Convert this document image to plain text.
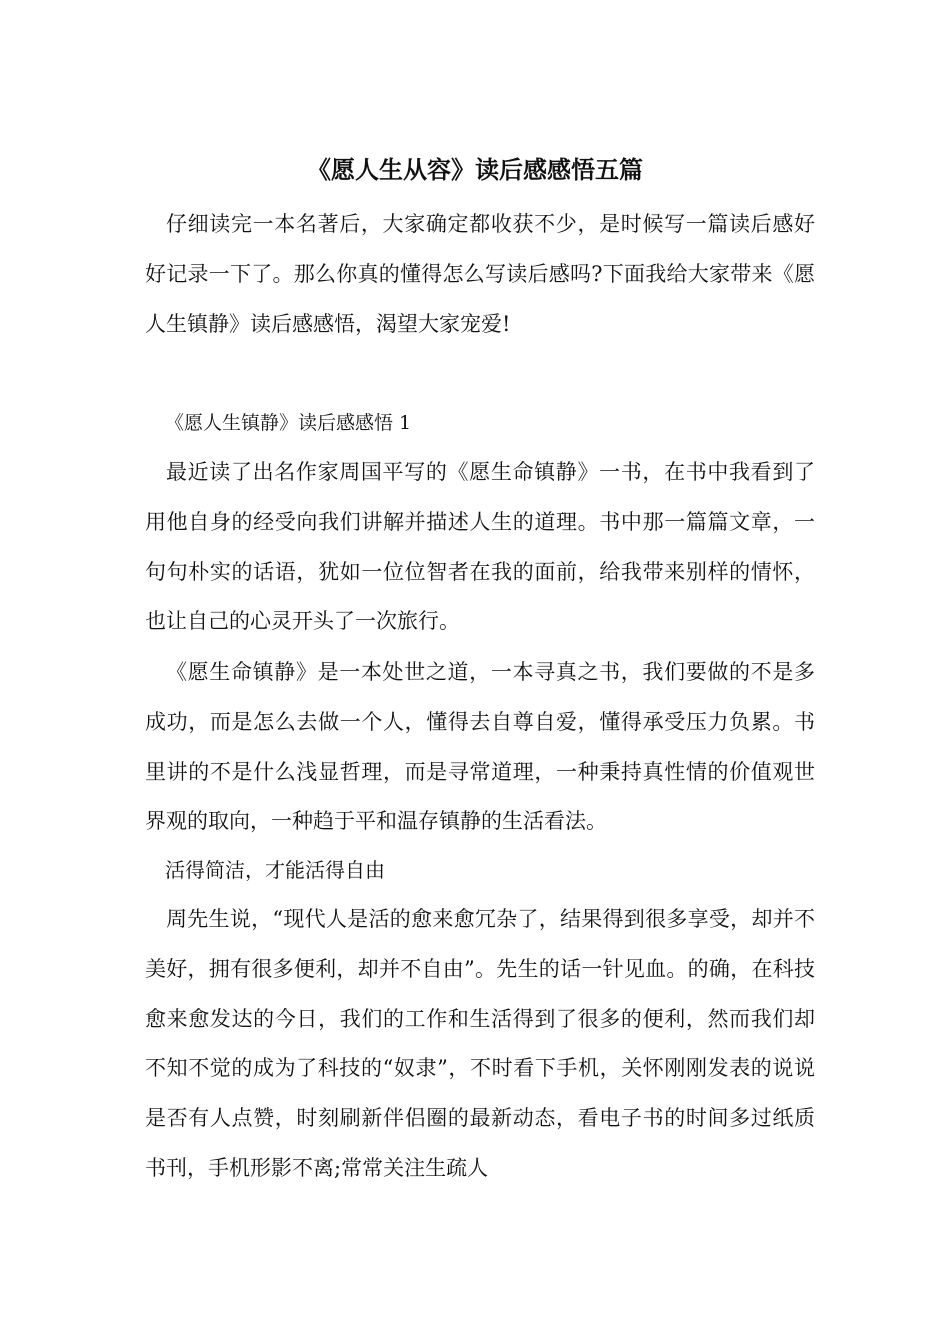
《愿人生从容》读后感感悟五篇

仔细读完一本名著后，大家确定都收获不少，是时候写一篇读后感好好记录一下了。那么你真的懂得怎么写读后感吗?下面我给大家带来《愿人生镇静》读后感感悟，渴望大家宠爱!

《愿人生镇静》读后感感悟 1

最近读了出名作家周国平写的《愿生命镇静》一书，在书中我看到了用他自身的经受向我们讲解并描述人生的道理。书中那一篇篇文章，一句句朴实的话语，犹如一位位智者在我的面前，给我带来别样的情怀，也让自己的心灵开头了一次旅行。

《愿生命镇静》是一本处世之道，一本寻真之书，我们要做的不是多成功，而是怎么去做一个人，懂得去自尊自爱，懂得承受压力负累。书里讲的不是什么浅显哲理，而是寻常道理，一种秉持真性情的价值观世界观的取向，一种趋于平和温存镇静的生活看法。

活得简洁，才能活得自由

周先生说，“现代人是活的愈来愈冗杂了，结果得到很多享受，却并不美好，拥有很多便利，却并不自由”。先生的话一针见血。的确，在科技愈来愈发达的今日，我们的工作和生活得到了很多的便利，然而我们却不知不觉的成为了科技的“奴隶”，不时看下手机，关怀刚刚发表的说说是否有人点赞，时刻刷新伴侣圈的最新动态，看电子书的时间多过纸质书刊，手机形影不离;常常关注生疏人
